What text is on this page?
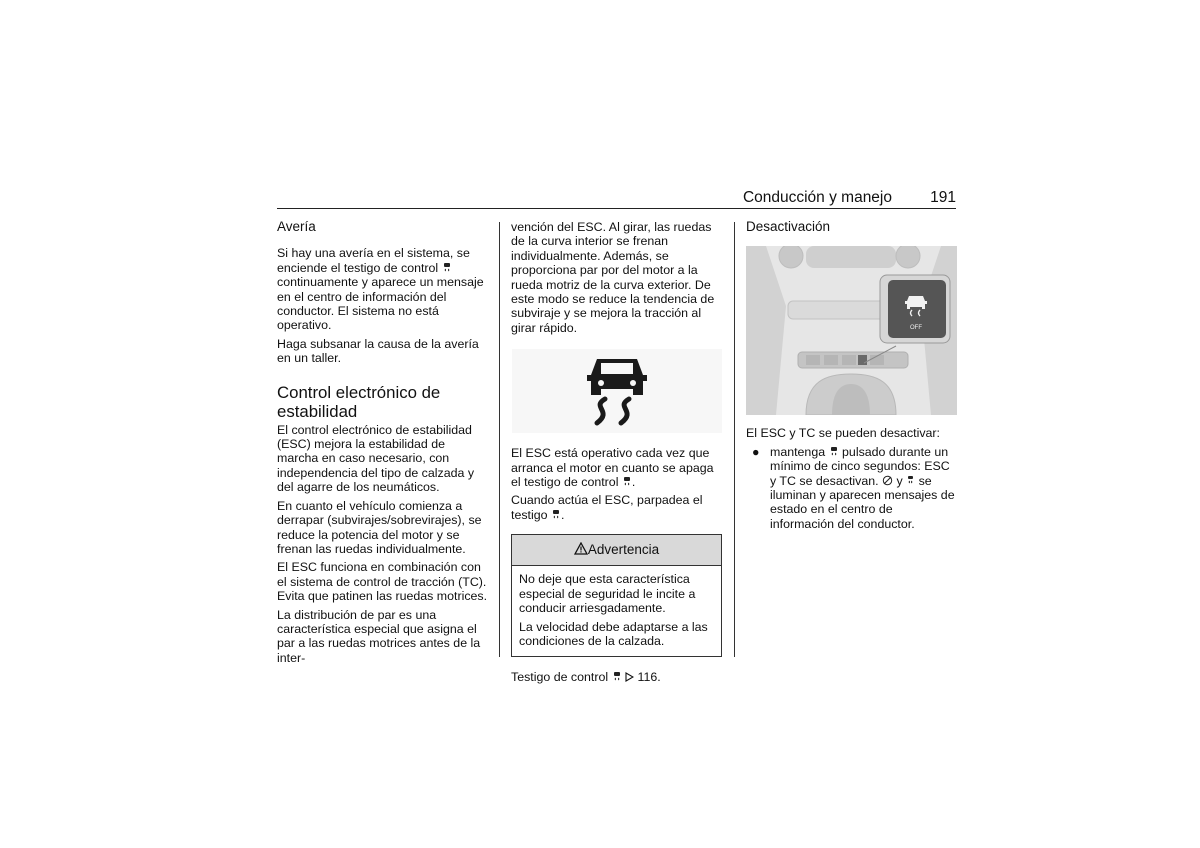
Conducción y manejo 191
Avería

Si hay una avería en el sistema, se enciende el testigo de control  continuamente y aparece un mensaje en el centro de información del conductor. El sistema no está operativo.

Haga subsanar la causa de la avería en un taller.

Control electrónico de estabilidad

El control electrónico de estabilidad (ESC) mejora la estabilidad de marcha en caso necesario, con independencia del tipo de calzada y del agarre de los neumáticos.

En cuanto el vehículo comienza a derrapar (subvirajes/sobrevirajes), se reduce la potencia del motor y se frenan las ruedas individualmente.

El ESC funciona en combinación con el sistema de control de tracción (TC). Evita que patinen las ruedas motrices.

La distribución de par es una característica especial que asigna el par a las ruedas motrices antes de la inter-

vención del ESC. Al girar, las ruedas de la curva interior se frenan individualmente. Además, se proporciona par por del motor a la rueda motriz de la curva exterior. De este modo se reduce la tendencia de subviraje y se mejora la tracción al girar rápido.

El ESC está operativo cada vez que arranca el motor en cuanto se apaga el testigo de control .

Cuando actúa el ESC, parpadea el testigo .

Advertencia

No deje que esta característica especial de seguridad le incite a conducir arriesgadamente.

La velocidad debe adaptarse a las condiciones de la calzada.

Testigo de control 116.

Desactivación
OFF

El ESC y TC se pueden desactivar:

● mantenga pulsado durante un mínimo de cinco segundos: ESC y TC se desactivan. y se iluminan y aparecen mensajes de estado en el centro de información del conductor.
